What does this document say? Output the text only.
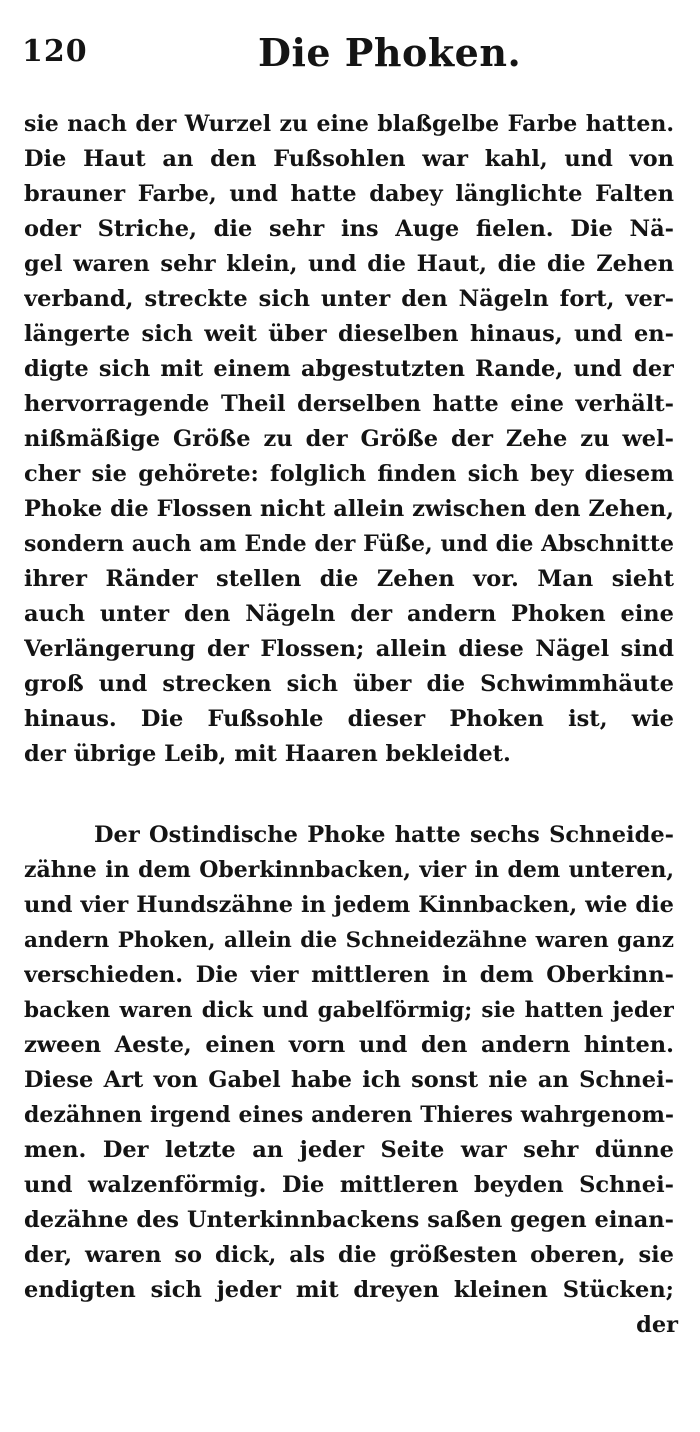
120	Die Phoken.
sie nach der Wurzel zu eine blaßgelbe Farbe hatten.
Die Haut an den Fußsohlen war kahl, und von
brauner Farbe, und hatte dabey länglichte Falten
oder Striche, die sehr ins Auge fielen. Die Nä-
gel waren sehr klein, und die Haut, die die Zehen
verband, streckte sich unter den Nägeln fort, ver-
längerte sich weit über dieselben hinaus, und en-
digte sich mit einem abgestutzten Rande, und der
hervorragende Theil derselben hatte eine verhält-
nißmäßige Größe zu der Größe der Zehe zu wel-
cher sie gehörete: folglich finden sich bey diesem
Phoke die Flossen nicht allein zwischen den Zehen,
sondern auch am Ende der Füße, und die Abschnitte
ihrer Ränder stellen die Zehen vor. Man sieht
auch unter den Nägeln der andern Phoken eine
Verlängerung der Flossen; allein diese Nägel sind
groß und strecken sich über die Schwimmhäute
hinaus. Die Fußsohle dieser Phoken ist, wie
der übrige Leib, mit Haaren bekleidet.
Der Ostindische Phoke hatte sechs Schneide-
zähne in dem Oberkinnbacken, vier in dem unteren,
und vier Hundszähne in jedem Kinnbacken, wie die
andern Phoken, allein die Schneidezähne waren ganz
verschieden. Die vier mittleren in dem Oberkinn-
backen waren dick und gabelförmig; sie hatten jeder
zween Aeste, einen vorn und den andern hinten.
Diese Art von Gabel habe ich sonst nie an Schnei-
dezähnen irgend eines anderen Thieres wahrgenom-
men. Der letzte an jeder Seite war sehr dünne
und walzenförmig. Die mittleren beyden Schnei-
dezähne des Unterkinnbackens saßen gegen einan-
der, waren so dick, als die größesten oberen, sie
endigten sich jeder mit dreyen kleinen Stücken;
der
